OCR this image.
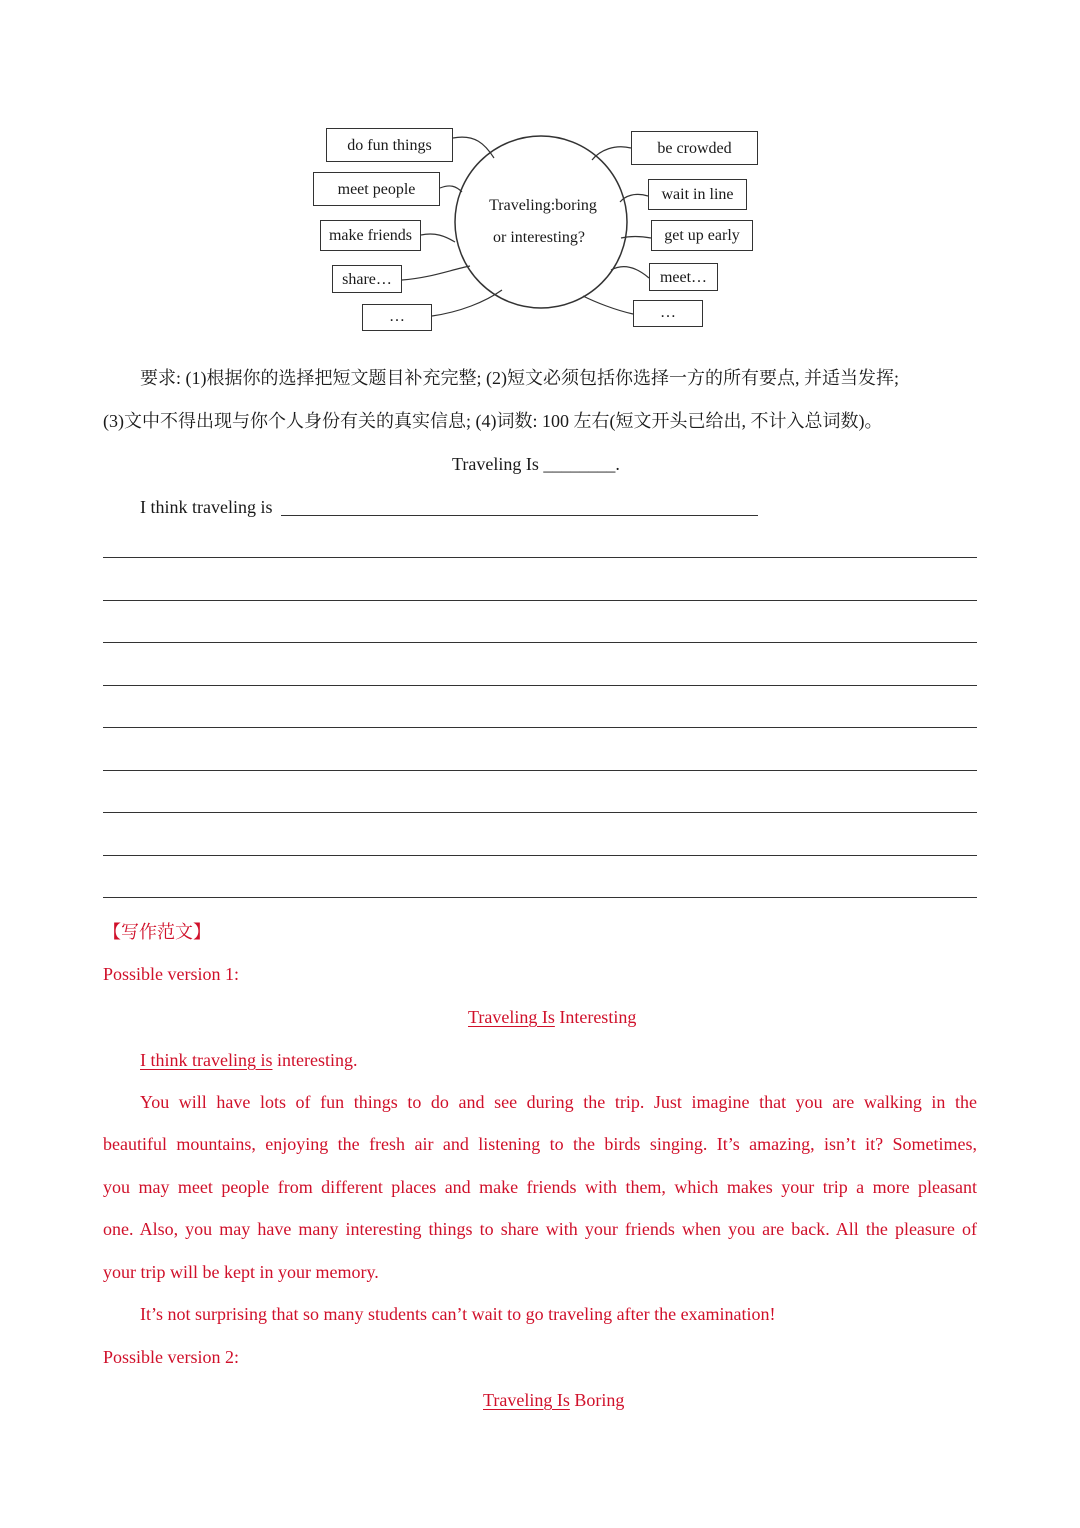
Traveling:boring
or interesting?
do fun things
meet people
make friends
share…
…
be crowded
wait in line
get up early
meet…
…
要求: (1)根据你的选择把短文题目补充完整; (2)短文必须包括你选择一方的所有要点, 并适当发挥;
(3)文中不得出现与你个人身份有关的真实信息; (4)词数: 100 左右(短文开头已给出, 不计入总词数)。
Traveling Is ________.
I think traveling is
【写作范文】
Possible version 1:
Traveling Is Interesting
I think traveling is interesting.
You will have lots of fun things to do and see during the trip. Just imagine that you are walking in the
beautiful mountains, enjoying the fresh air and listening to the birds singing. It’s amazing, isn’t it? Sometimes,
you may meet people from different places and make friends with them, which makes your trip a more pleasant
one. Also, you may have many interesting things to share with your friends when you are back. All the pleasure of
your trip will be kept in your memory.
It’s not surprising that so many students can’t wait to go traveling after the examination!
Possible version 2:
Traveling Is Boring
